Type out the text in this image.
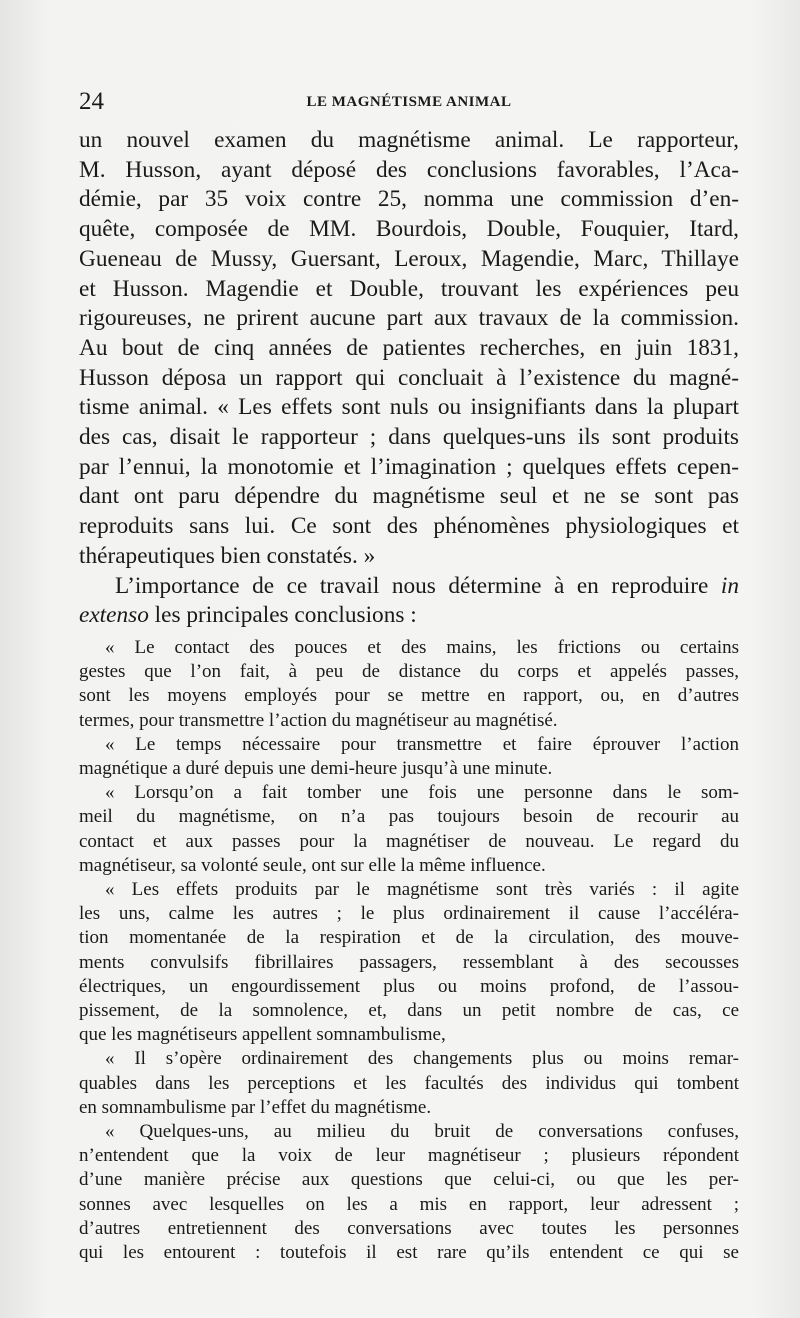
24	LE MAGNÉTISME ANIMAL

un nouvel examen du magnétisme animal. Le rapporteur,
M. Husson, ayant déposé des conclusions favorables, l’Aca-
démie, par 35 voix contre 25, nomma une commission d’en-
quête, composée de MM. Bourdois, Double, Fouquier, Itard,
Gueneau de Mussy, Guersant, Leroux, Magendie, Marc, Thillaye
et Husson. Magendie et Double, trouvant les expériences peu
rigoureuses, ne prirent aucune part aux travaux de la commission.
Au bout de cinq années de patientes recherches, en juin 1831,
Husson déposa un rapport qui concluait à l’existence du magné-
tisme animal. « Les effets sont nuls ou insignifiants dans la plupart
des cas, disait le rapporteur ; dans quelques-uns ils sont produits
par l’ennui, la monotomie et l’imagination ; quelques effets cepen-
dant ont paru dépendre du magnétisme seul et ne se sont pas
reproduits sans lui. Ce sont des phénomènes physiologiques et
thérapeutiques bien constatés. »

L’importance de ce travail nous détermine à en reproduire in
extenso les principales conclusions :

« Le contact des pouces et des mains, les frictions ou certains
gestes que l’on fait, à peu de distance du corps et appelés passes,
sont les moyens employés pour se mettre en rapport, ou, en d’autres
termes, pour transmettre l’action du magnétiseur au magnétisé.
« Le temps nécessaire pour transmettre et faire éprouver l’action
magnétique a duré depuis une demi-heure jusqu’à une minute.
« Lorsqu’on a fait tomber une fois une personne dans le som-
meil du magnétisme, on n’a pas toujours besoin de recourir au
contact et aux passes pour la magnétiser de nouveau. Le regard du
magnétiseur, sa volonté seule, ont sur elle la même influence.
« Les effets produits par le magnétisme sont très variés : il agite
les uns, calme les autres ; le plus ordinairement il cause l’accéléra-
tion momentanée de la respiration et de la circulation, des mouve-
ments convulsifs fibrillaires passagers, ressemblant à des secousses
électriques, un engourdissement plus ou moins profond, de l’assou-
pissement, de la somnolence, et, dans un petit nombre de cas, ce
que les magnétiseurs appellent somnambulisme,
« Il s’opère ordinairement des changements plus ou moins remar-
quables dans les perceptions et les facultés des individus qui tombent
en somnambulisme par l’effet du magnétisme.
« Quelques-uns, au milieu du bruit de conversations confuses,
n’entendent que la voix de leur magnétiseur ; plusieurs répondent
d’une manière précise aux questions que celui-ci, ou que les per-
sonnes avec lesquelles on les a mis en rapport, leur adressent ;
d’autres entretiennent des conversations avec toutes les personnes
qui les entourent : toutefois il est rare qu’ils entendent ce qui se
